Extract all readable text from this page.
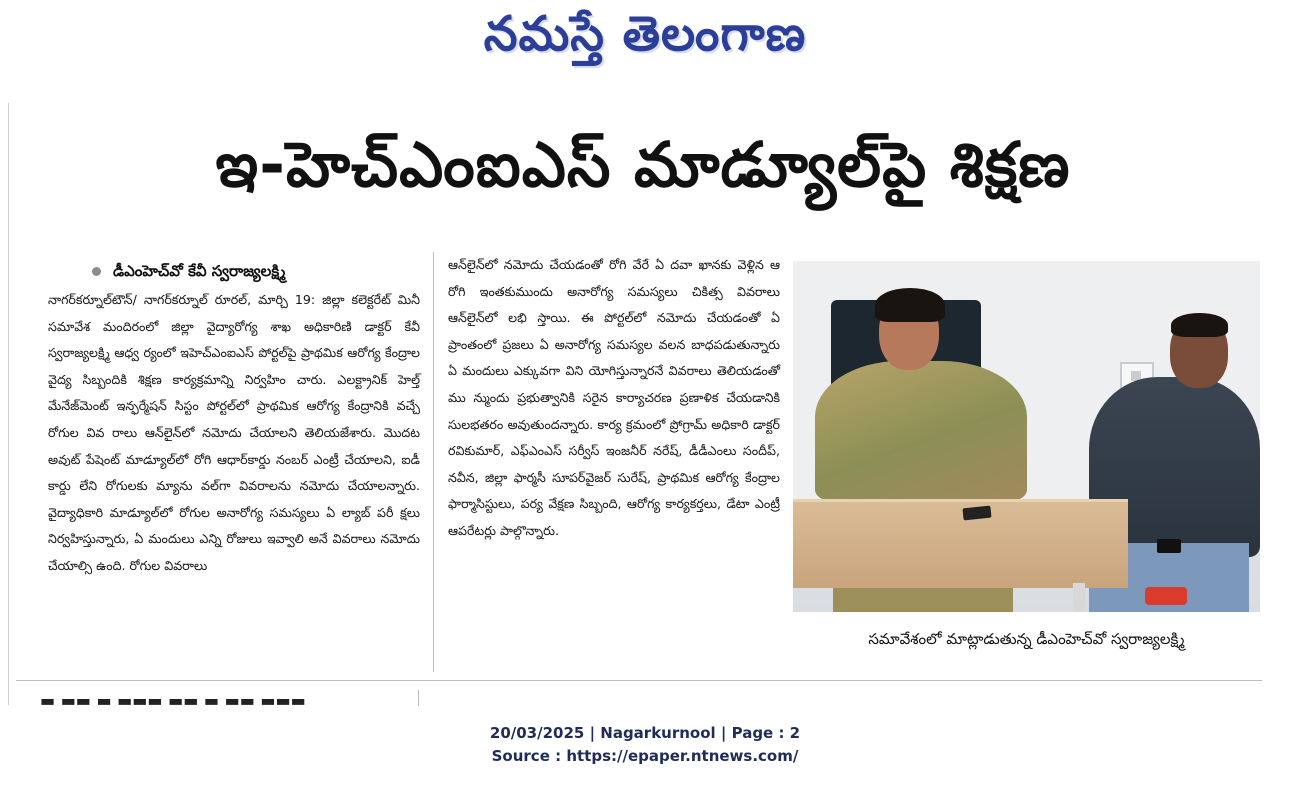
నమస్తే తెలంగాణ
ఇ-హెచ్ఎంఐఎస్ మాడ్యూల్‌పై శిక్షణ
డీఎంహెచ్‌వో కేవీ స్వరాజ్యలక్ష్మి
నాగర్‌కర్నూల్‌టౌన్/ నాగర్‌కర్నూల్ రూరల్, మార్చి 19: జిల్లా కలెక్టరేట్ మినీ సమావేశ మందిరంలో జిల్లా వైద్యారోగ్య శాఖ అధికారిణి డాక్టర్ కేవీ స్వరాజ్యలక్ష్మి ఆధ్వ ర్యంలో ఇహెచ్ఎంఐఎస్ పోర్టల్‌పై ప్రాథమిక ఆరోగ్య కేంద్రాల వైద్య సిబ్బందికి శిక్షణ కార్యక్రమాన్ని నిర్వహిం చారు. ఎలక్ట్రానిక్ హెల్త్ మేనేజ్‌మెంట్ ఇన్ఫర్మేషన్ సిస్టం పోర్టల్‌లో ప్రాథమిక ఆరోగ్య కేంద్రానికి వచ్చే రోగుల వివ రాలు ఆన్‌లైన్‌లో నమోదు చేయాలని తెలియజేశారు. మొదట అవుట్ పేషెంట్ మాడ్యూల్‌లో రోగి ఆధార్‌కార్డు నంబర్ ఎంట్రీ చేయాలని, ఐడీ కార్డు లేని రోగులకు మ్యాను వల్‌గా వివరాలను నమోదు చేయాలన్నారు. వైద్యాధికారి మాడ్యూల్‌లో రోగుల అనారోగ్య సమస్యలు ఏ ల్యాబ్ పరీ క్షలు నిర్వహిస్తున్నారు, ఏ మందులు ఎన్ని రోజులు ఇవ్వాలి అనే వివరాలు నమోదు చేయాల్సి ఉంది. రోగుల వివరాలు
ఆన్‌లైన్‌లో నమోదు చేయడంతో రోగి వేరే ఏ దవా ఖానకు వెళ్లిన ఆ రోగి ఇంతకుముందు అనారోగ్య సమస్యలు చికిత్స వివరాలు ఆన్‌లైన్‌లో లభి స్తాయి. ఈ పోర్టల్‌లో నమోదు చేయడంతో ఏ ప్రాంతంలో ప్రజలు ఏ అనారోగ్య సమస్యల వలన బాధపడుతున్నారు ఏ మందులు ఎక్కువగా విని యోగిస్తున్నారనే వివరాలు తెలియడంతో ము న్ముందు ప్రభుత్వానికి సరైన కార్యాచరణ ప్రణాళిక చేయడానికి సులభతరం అవుతుందన్నారు. కార్య క్రమంలో ప్రోగ్రామ్ అధికారి డాక్టర్ రవికుమార్, ఎఫ్ఎంఎస్ సర్వీస్ ఇంజనీర్ నరేష్, డీడీఎంలు సందీప్, నవీన, జిల్లా ఫార్మసీ సూపర్‌వైజర్ సురేష్, ప్రాథమిక ఆరోగ్య కేంద్రాల ఫార్మాసిస్టులు, పర్య వేక్షణ సిబ్బంది, ఆరోగ్య కార్యకర్తలు, డేటా ఎంట్రీ ఆపరేటర్లు పాల్గొన్నారు.
సమావేశంలో మాట్లాడుతున్న డీఎంహెచ్‌వో స్వరాజ్యలక్ష్మి
▬ ▬▬ ▬ ▬▬▬ ▬▬ ▬ ▬▬ ▬▬▬
20/03/2025 | Nagarkurnool | Page : 2
Source : https://epaper.ntnews.com/
